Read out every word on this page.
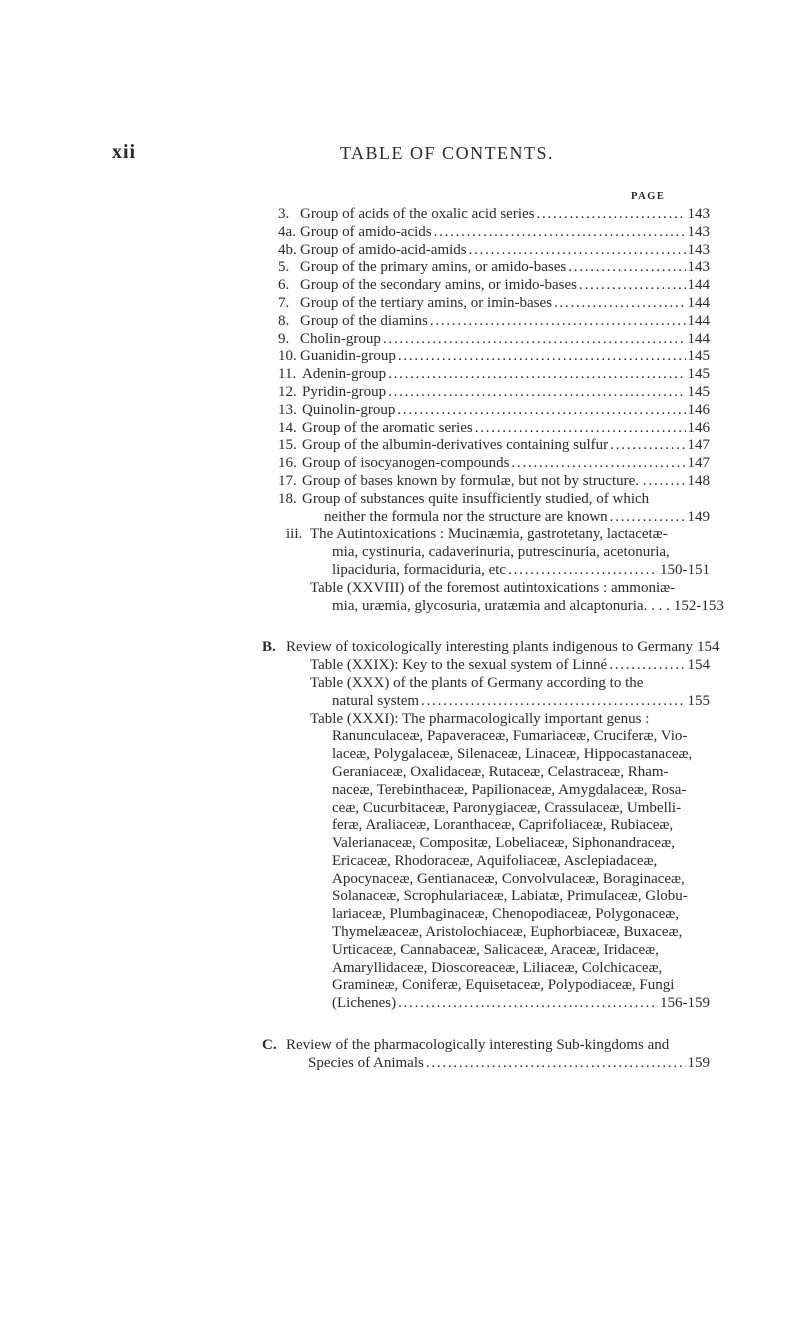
xii	TABLE OF CONTENTS.
PAGE
3. Group of acids of the oxalic acid series . . .	143
4a. Group of amido-acids . . .	143
4b. Group of amido-acid-amids . . .	143
5. Group of the primary amins, or amido-bases . . .	143
6. Group of the secondary amins, or imido-bases . . .	144
7. Group of the tertiary amins, or imin-bases . . .	144
8. Group of the diamins . . .	144
9. Cholin-group . . .	144
10. Guanidin-group . . .	145
11. Adenin-group . . .	145
12. Pyridin-group . . .	145
13. Quinolin-group . . .	146
14. Group of the aromatic series . . .	146
15. Group of the albumin-derivatives containing sulfur . . .	147
16. Group of isocyanogen-compounds . . .	147
17. Group of bases known by formulæ, but not by structure. . . . .	148
18. Group of substances quite insufficiently studied, of which
neither the formula nor the structure are known . . .	149
iii. The Autintoxications : Mucinæmia, gastrotetany, lactacetæ-
mia, cystinuria, cadaverinuria, putrescinuria, acetonuria,
lipaciduria, formaciduria, etc . . .	150-151
Table (XXVIII) of the foremost autintoxications : ammoniæ-
mia, uræmia, glycosuria, uratæmia and alcaptonuria. . . . 152-153
B. Review of toxicologically interesting plants indigenous to Germany 154
Table (XXIX): Key to the sexual system of Linné . . .	154
Table (XXX) of the plants of Germany according to the
natural system . . .	155
Table (XXXI): The pharmacologically important genus :
Ranunculaceæ, Papaveraceæ, Fumariaceæ, Cruciferæ, Vio-
laceæ, Polygalaceæ, Silenaceæ, Linaceæ, Hippocastanaceæ,
Geraniaceæ, Oxalidaceæ, Rutaceæ, Celastraceæ, Rham-
naceæ, Terebinthaceæ, Papilionaceæ, Amygdalaceæ, Rosa-
ceæ, Cucurbitaceæ, Paronygiaceæ, Crassulaceæ, Umbelli-
feræ, Araliaceæ, Loranthaceæ, Caprifoliaceæ, Rubiaceæ,
Valerianaceæ, Compositæ, Lobeliaceæ, Siphonandraceæ,
Ericaceæ, Rhodoraceæ, Aquifoliaceæ, Asclepiadaceæ,
Apocynaceæ, Gentianaceæ, Convolvulaceæ, Boraginaceæ,
Solanaceæ, Scrophulariaceæ, Labiatæ, Primulaceæ, Globu-
lariaceæ, Plumbaginaceæ, Chenopodiaceæ, Polygonaceæ,
Thymelæaceæ, Aristolochiaceæ, Euphorbiaceæ, Buxaceæ,
Urticaceæ, Cannabaceæ, Salicaceæ, Araceæ, Iridaceæ,
Amaryllidaceæ, Dioscoreaceæ, Liliaceæ, Colchicaceæ,
Gramineæ, Coniferæ, Equisetaceæ, Polypodiaceæ, Fungi
(Lichenes) . . .	156-159
C. Review of the pharmacologically interesting Sub-kingdoms and
Species of Animals . . .	159
